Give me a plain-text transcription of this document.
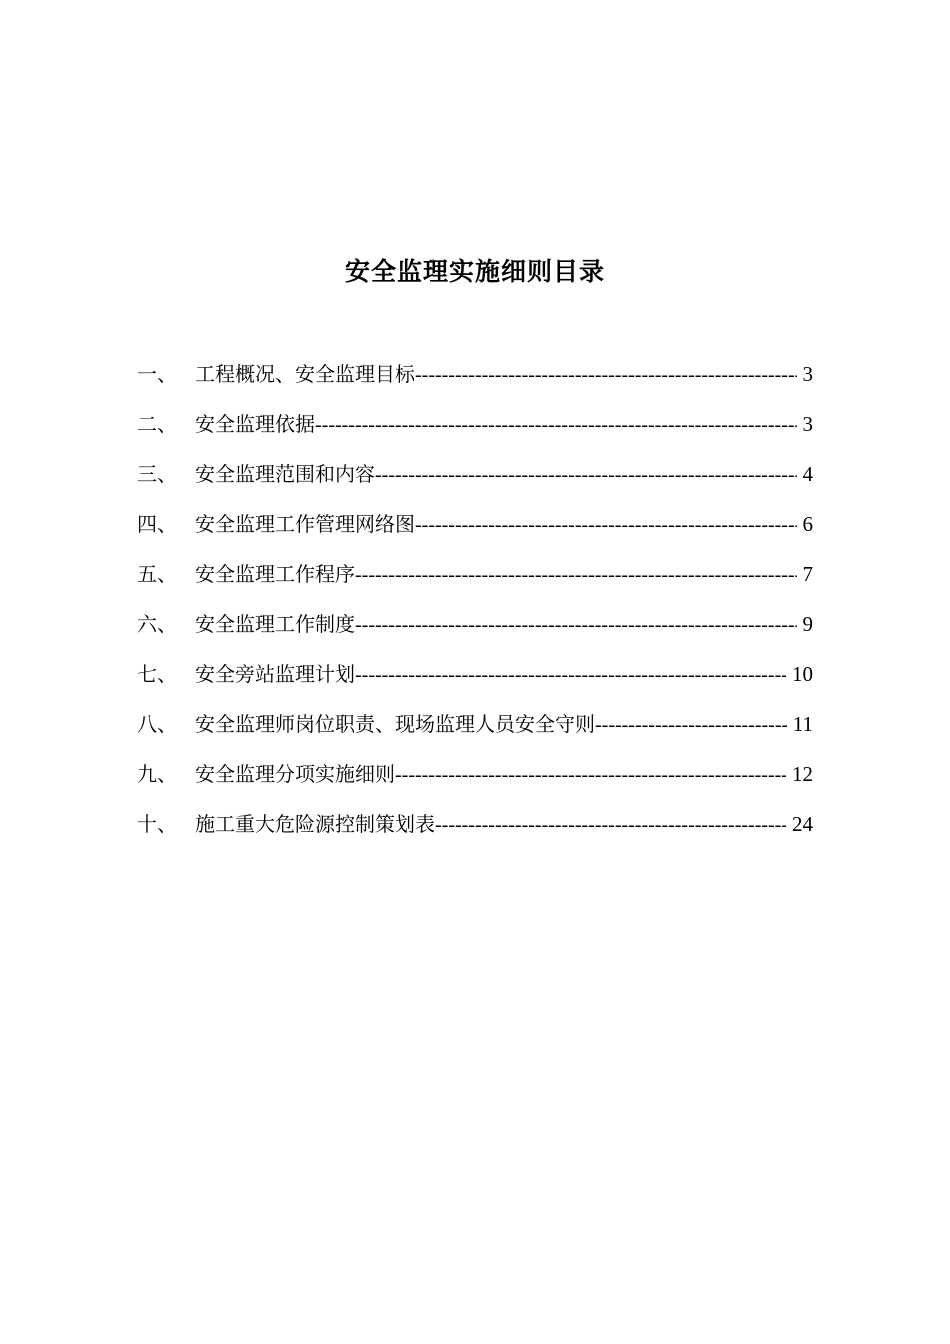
安全监理实施细则目录
一、 工程概况、安全监理目标 -----	3
二、 安全监理依据 -----	3
三、 安全监理范围和内容 -----	4
四、 安全监理工作管理网络图 -----	6
五、 安全监理工作程序 -----	7
六、 安全监理工作制度 -----	9
七、 安全旁站监理计划 -----	10
八、 安全监理师岗位职责、现场监理人员安全守则 -----	11
九、 安全监理分项实施细则 -----	12
十、 施工重大危险源控制策划表 -----	24
